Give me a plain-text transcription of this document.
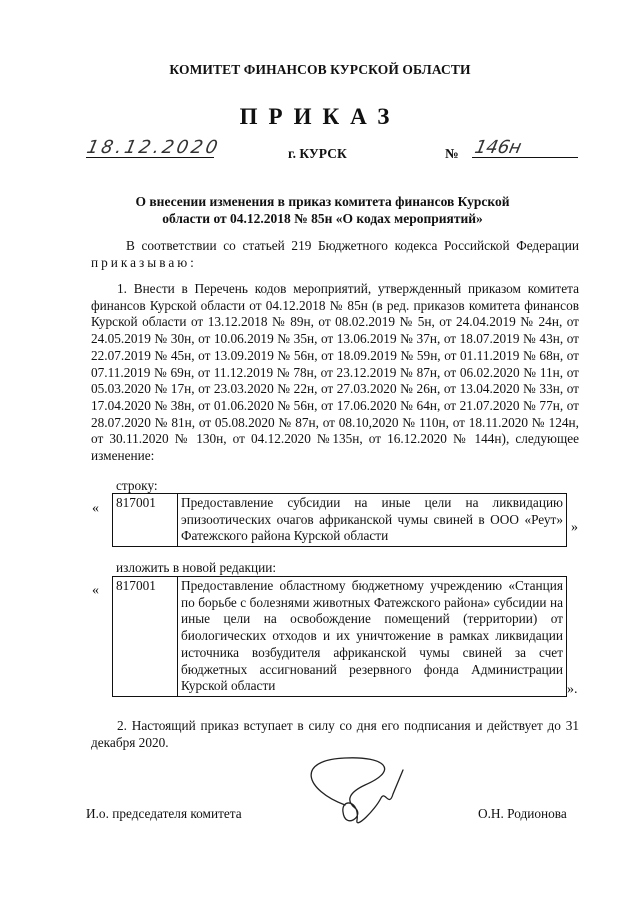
КОМИТЕТ ФИНАНСОВ КУРСКОЙ ОБЛАСТИ
ПРИКАЗ
18.12.2020	г. КУРСК	№ 146н
О внесении изменения в приказ комитета финансов Курской области от 04.12.2018 № 85н «О кодах мероприятий»
В соответствии со статьей 219 Бюджетного кодекса Российской Федерации приказываю:
1. Внести в Перечень кодов мероприятий, утвержденный приказом комитета финансов Курской области от 04.12.2018 № 85н (в ред. приказов комитета финансов Курской области от 13.12.2018 № 89н, от 08.02.2019 № 5н, от 24.04.2019 № 24н, от 24.05.2019 № 30н, от 10.06.2019 № 35н, от 13.06.2019 № 37н, от 18.07.2019 № 43н, от 22.07.2019 № 45н, от 13.09.2019 № 56н, от 18.09.2019 № 59н, от 01.11.2019 № 68н, от 07.11.2019 № 69н, от 11.12.2019 № 78н, от 23.12.2019 № 87н, от 06.02.2020 № 11н, от 05.03.2020 № 17н, от 23.03.2020 № 22н, от 27.03.2020 № 26н, от 13.04.2020 № 33н, от 17.04.2020 № 38н, от 01.06.2020 № 56н, от 17.06.2020 № 64н, от 21.07.2020 № 77н, от 28.07.2020 № 81н, от 05.08.2020 № 87н, от 08.10,2020 № 110н, от 18.11.2020 № 124н, от 30.11.2020 № 130н, от 04.12.2020 №135н, от 16.12.2020 № 144н), следующее изменение:
строку:
« 817001	Предоставление субсидии на иные цели на ликвидацию эпизоотических очагов африканской чумы свиней в ООО «Реут» Фатежского района Курской области
»
изложить в новой редакции:
« 817001	Предоставление областному бюджетному учреждению «Станция по борьбе с болезнями животных Фатежского района» субсидии на иные цели на освобождение помещений (территории) от биологических отходов и их уничтожение в рамках ликвидации источника возбудителя африканской чумы свиней за счет бюджетных ассигнований резервного фонда Администрации Курской области	».
2. Настоящий приказ вступает в силу со дня его подписания и действует до 31 декабря 2020.
И.о. председателя комитета	О.Н. Родионова
